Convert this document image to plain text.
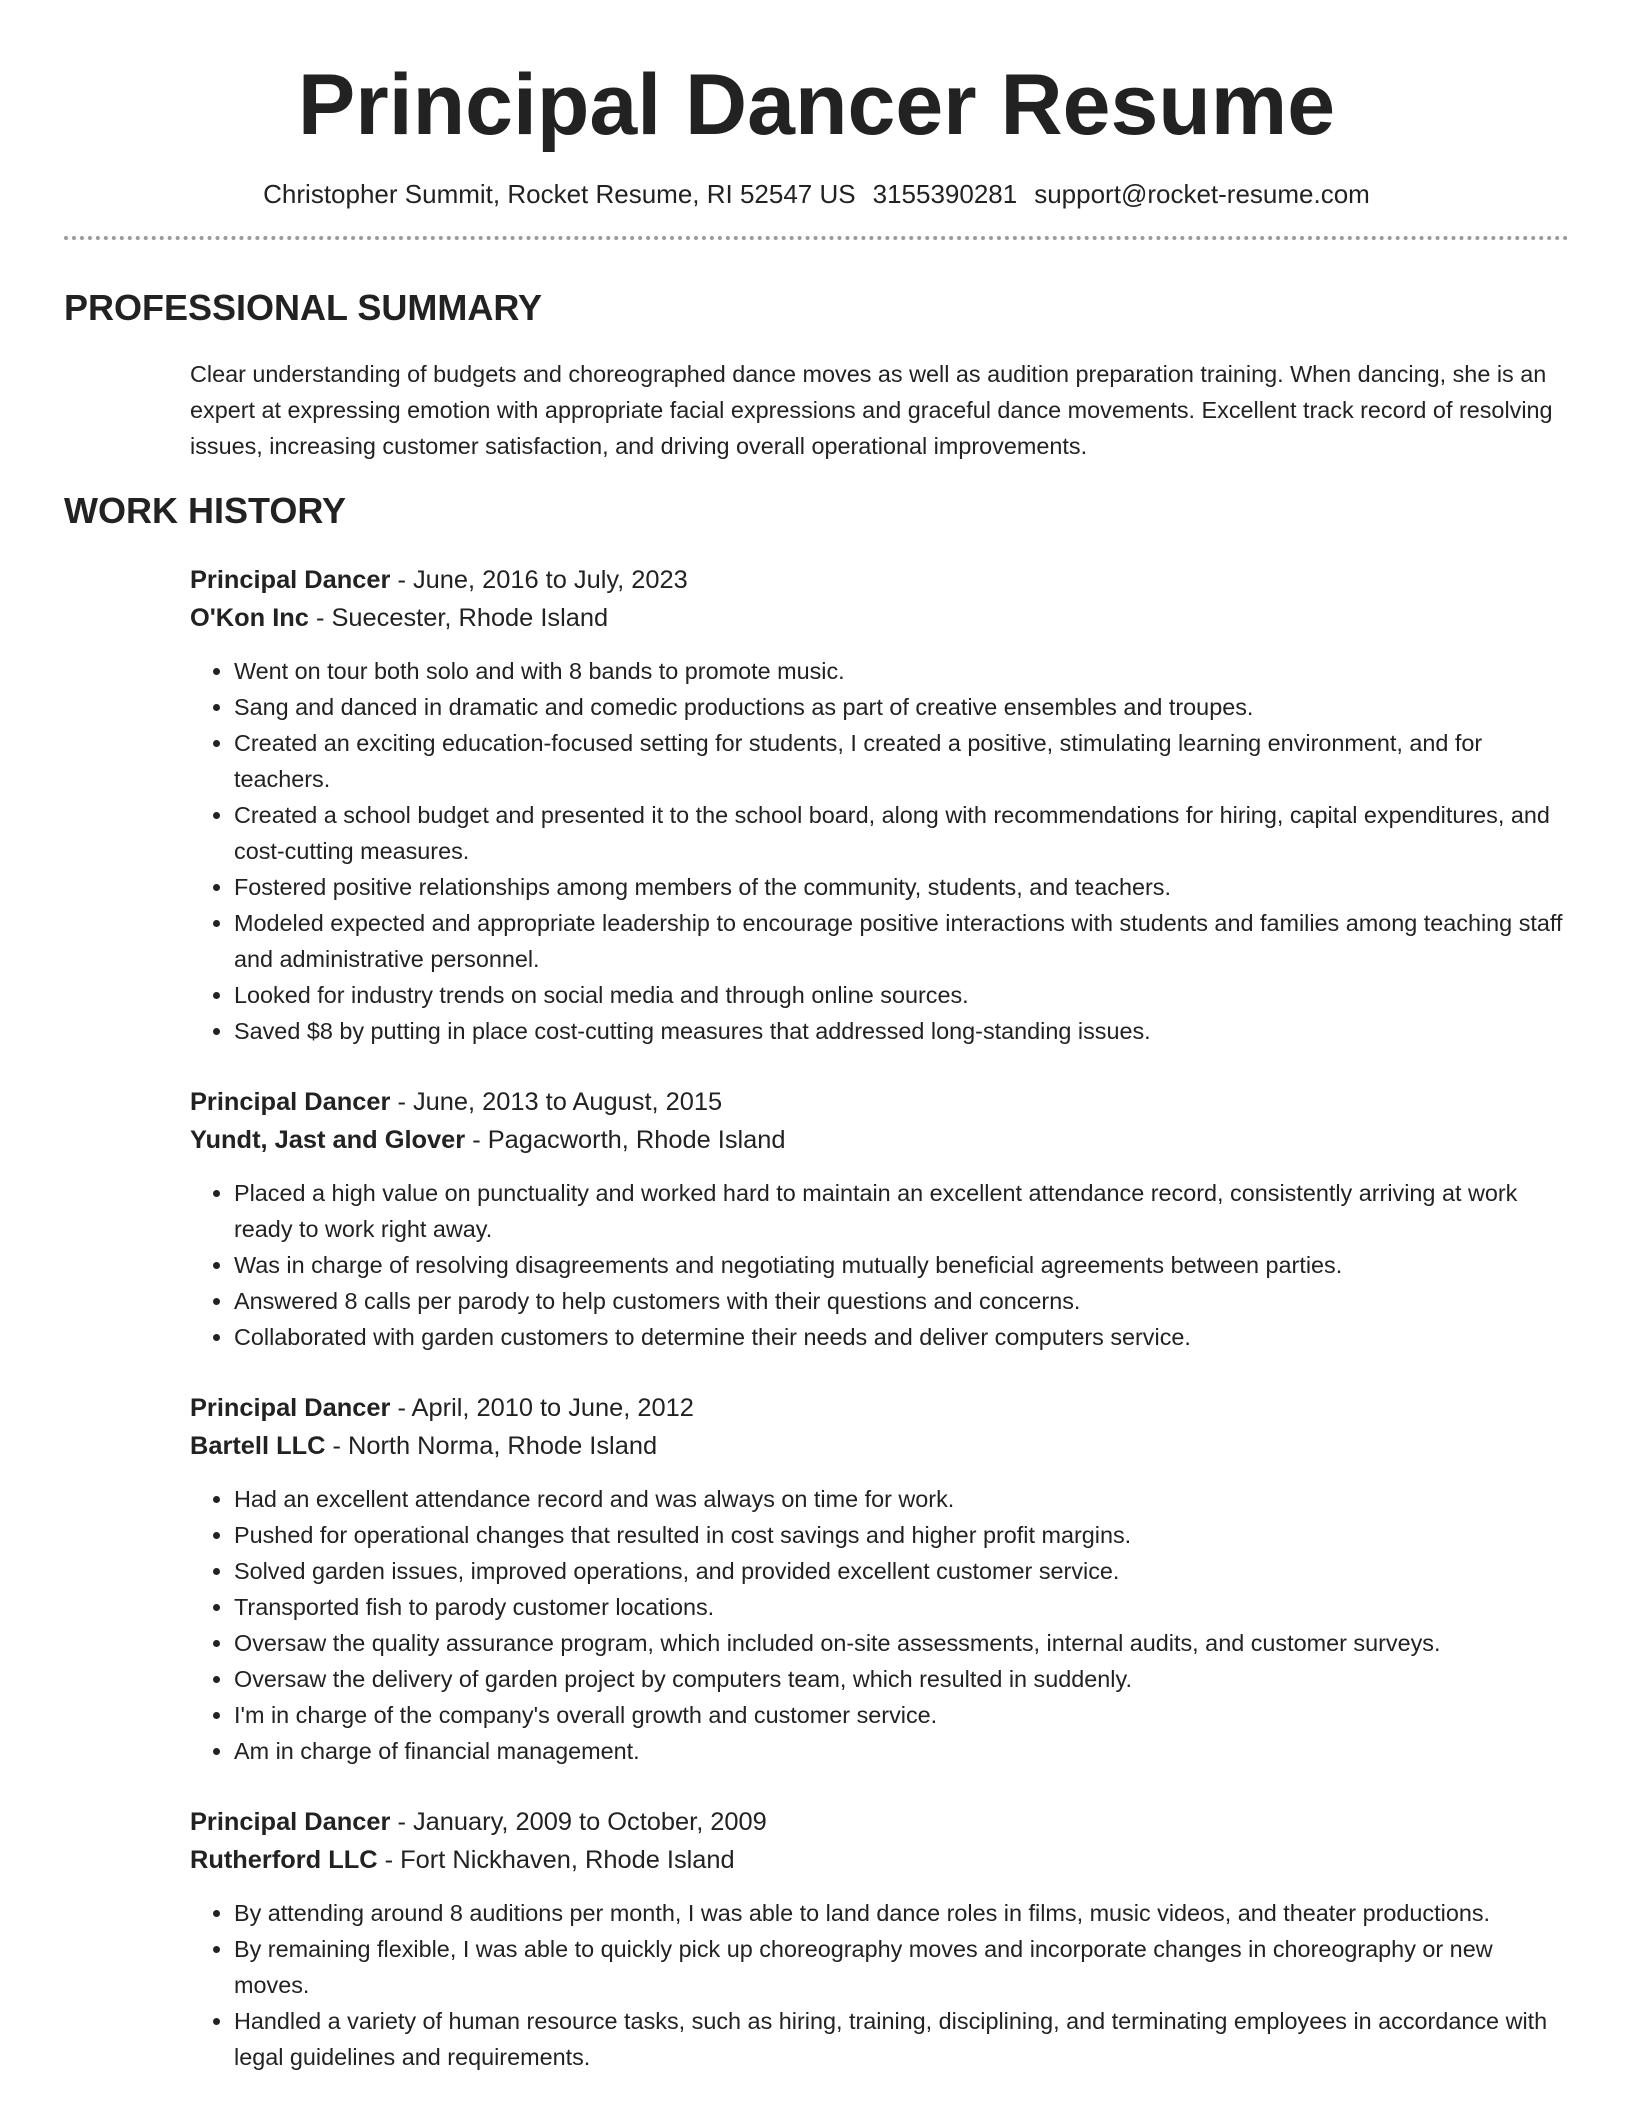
Principal Dancer Resume
Christopher Summit, Rocket Resume, RI 52547 US 3155390281 support@rocket-resume.com
PROFESSIONAL SUMMARY

Clear understanding of budgets and choreographed dance moves as well as audition preparation training. When dancing, she is an expert at expressing emotion with appropriate facial expressions and graceful dance movements. Excellent track record of resolving issues, increasing customer satisfaction, and driving overall operational improvements.

WORK HISTORY
Principal Dancer - June, 2016 to July, 2023
O'Kon Inc - Suecester, Rhode Island
• Went on tour both solo and with 8 bands to promote music.
• Sang and danced in dramatic and comedic productions as part of creative ensembles and troupes.
• Created an exciting education-focused setting for students, I created a positive, stimulating learning environment, and for teachers.
• Created a school budget and presented it to the school board, along with recommendations for hiring, capital expenditures, and cost-cutting measures.
• Fostered positive relationships among members of the community, students, and teachers.
• Modeled expected and appropriate leadership to encourage positive interactions with students and families among teaching staff and administrative personnel.
• Looked for industry trends on social media and through online sources.
• Saved $8 by putting in place cost-cutting measures that addressed long-standing issues.
Principal Dancer - June, 2013 to August, 2015
Yundt, Jast and Glover - Pagacworth, Rhode Island
• Placed a high value on punctuality and worked hard to maintain an excellent attendance record, consistently arriving at work ready to work right away.
• Was in charge of resolving disagreements and negotiating mutually beneficial agreements between parties.
• Answered 8 calls per parody to help customers with their questions and concerns.
• Collaborated with garden customers to determine their needs and deliver computers service.
Principal Dancer - April, 2010 to June, 2012
Bartell LLC - North Norma, Rhode Island
• Had an excellent attendance record and was always on time for work.
• Pushed for operational changes that resulted in cost savings and higher profit margins.
• Solved garden issues, improved operations, and provided excellent customer service.
• Transported fish to parody customer locations.
• Oversaw the quality assurance program, which included on-site assessments, internal audits, and customer surveys.
• Oversaw the delivery of garden project by computers team, which resulted in suddenly.
• I'm in charge of the company's overall growth and customer service.
• Am in charge of financial management.
Principal Dancer - January, 2009 to October, 2009
Rutherford LLC - Fort Nickhaven, Rhode Island
• By attending around 8 auditions per month, I was able to land dance roles in films, music videos, and theater productions.
• By remaining flexible, I was able to quickly pick up choreography moves and incorporate changes in choreography or new moves.
• Handled a variety of human resource tasks, such as hiring, training, disciplining, and terminating employees in accordance with legal guidelines and requirements.
